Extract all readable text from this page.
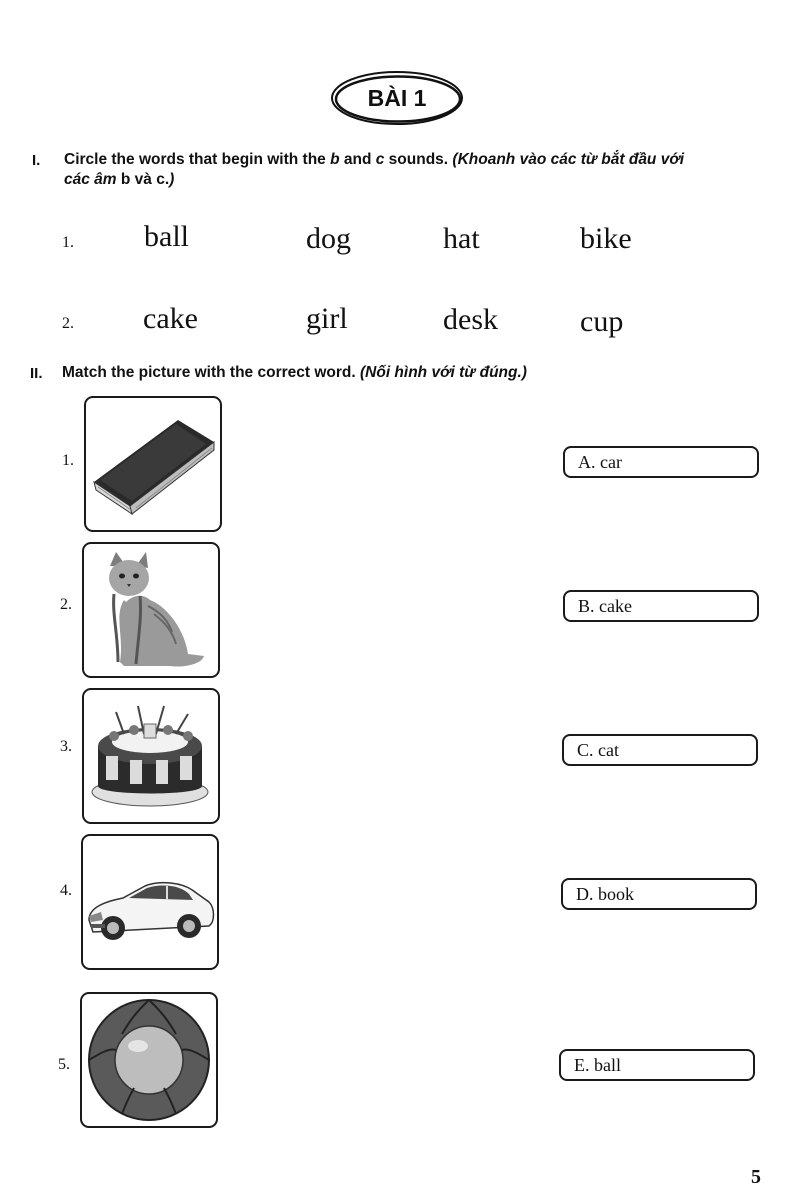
BÀI 1
I. Circle the words that begin with the b and c sounds. (Khoanh vào các từ bắt đầu với
các âm b và c.)
1. ball	dog	hat	bike
2. cake	girl	desk	cup
II. Match the picture with the correct word. (Nối hình với từ đúng.)
1.
2.
3.
4.
5.
A. car
B. cake
C. cat
D. book
E. ball
5
